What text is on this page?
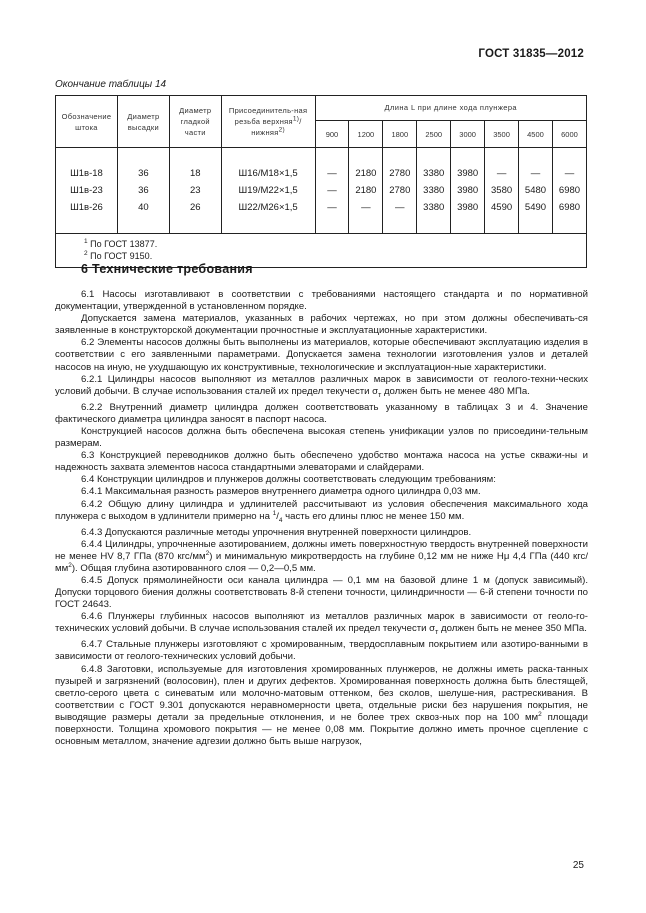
ГОСТ 31835—2012
Окончание таблицы 14
Обозначение штока	Диаметр высадки	Диаметр гладкой части	Присоединитель-ная резьба верхняя$^{1)}$/нижняя$^{2)}$	Длина L при длине хода плунжера							
				900	1200	1800	2500	3000	3500	4500	6000

Ш1в-18	36	18	Ш16/М18×1,5	—	2180	2780	3380	3980	—	—	—
Ш1в-23	36	23	Ш19/М22×1,5	—	2180	2780	3380	3980	3580	5480	6980
Ш1в-26	40	26	Ш22/М26×1,5	—	—	—	3380	3980	4590	5490	6980

$^1$ По ГОСТ 13877.
$^2$ По ГОСТ 9150.											
6 Технические требования

6.1 Насосы изготавливают в соответствии с требованиями настоящего стандарта и по нормативной документации, утвержденной в установленном порядке.

Допускается замена материалов, указанных в рабочих чертежах, но при этом должны обеспечивать-ся заявленные в конструкторской документации прочностные и эксплуатационные характеристики.

6.2 Элементы насосов должны быть выполнены из материалов, которые обеспечивают эксплуатацию изделия в соответствии с его заявленными параметрами. Допускается замена технологии изготовления узлов и деталей насосов на иную, не ухудшающую их конструктивные, технологические и эксплуатацион-ные характеристики.

6.2.1 Цилиндры насосов выполняют из металлов различных марок в зависимости от геолого-техни-ческих условий добычи. В случае использования сталей их предел текучести $\sigma_т$ должен быть не менее 480 МПа.

6.2.2 Внутренний диаметр цилиндра должен соответствовать указанному в таблицах 3 и 4. Значение фактического диаметра цилиндра заносят в паспорт насоса.

Конструкцией насосов должна быть обеспечена высокая степень унификации узлов по присоедини-тельным размерам.

6.3 Конструкцией переводников должно быть обеспечено удобство монтажа насоса на устье скважи-ны и надежность захвата элементов насоса стандартными элеваторами и слайдерами.

6.4 Конструкции цилиндров и плунжеров должны соответствовать следующим требованиям:

6.4.1 Максимальная разность размеров внутреннего диаметра одного цилиндра 0,03 мм.

6.4.2 Общую длину цилиндра и удлинителей рассчитывают из условия обеспечения максимального хода плунжера с выходом в удлинители примерно на $^1/_4$ часть его длины плюс не менее 150 мм.

6.4.3 Допускаются различные методы упрочнения внутренней поверхности цилиндров.

6.4.4 Цилиндры, упрочненные азотированием, должны иметь поверхностную твердость внутренней поверхности не менее HV 8,7 ГПа (870 кгс/$мм^2$) и минимальную микротвердость на глубине 0,12 мм не ниже Hμ 4,4 ГПа (440 кгс/$мм^2$). Общая глубина азотированного слоя — 0,2—0,5 мм.

6.4.5 Допуск прямолинейности оси канала цилиндра — 0,1 мм на базовой длине 1 м (допуск зависимый). Допуски торцового биения должны соответствовать 8-й степени точности, цилиндричности — 6-й степени точности по ГОСТ 24643.

6.4.6 Плунжеры глубинных насосов выполняют из металлов различных марок в зависимости от геоло-го-технических условий добычи. В случае использования сталей их предел текучести $\sigma_т$ должен быть не менее 350 МПа.

6.4.7 Стальные плунжеры изготовляют с хромированным, твердосплавным покрытием или азотиро-ванными в зависимости от геолого-технических условий добычи.

6.4.8 Заготовки, используемые для изготовления хромированных плунжеров, не должны иметь раска-танных пузырей и загрязнений (волосовин), плен и других дефектов. Хромированная поверхность должна быть блестящей, светло-серого цвета с синеватым или молочно-матовым оттенком, без сколов, шелуше-ния, растрескивания. В соответствии с ГОСТ 9.301 допускаются неравномерности цвета, отдельные риски без нарушения покрытия, не выводящие размеры детали за предельные отклонения, и не более трех сквоз-ных пор на 100 $мм^2$ площади поверхности. Толщина хромового покрытия — не менее 0,08 мм. Покрытие должно иметь прочное сцепление с основным металлом, значение адгезии должно быть выше нагрузок,

25
